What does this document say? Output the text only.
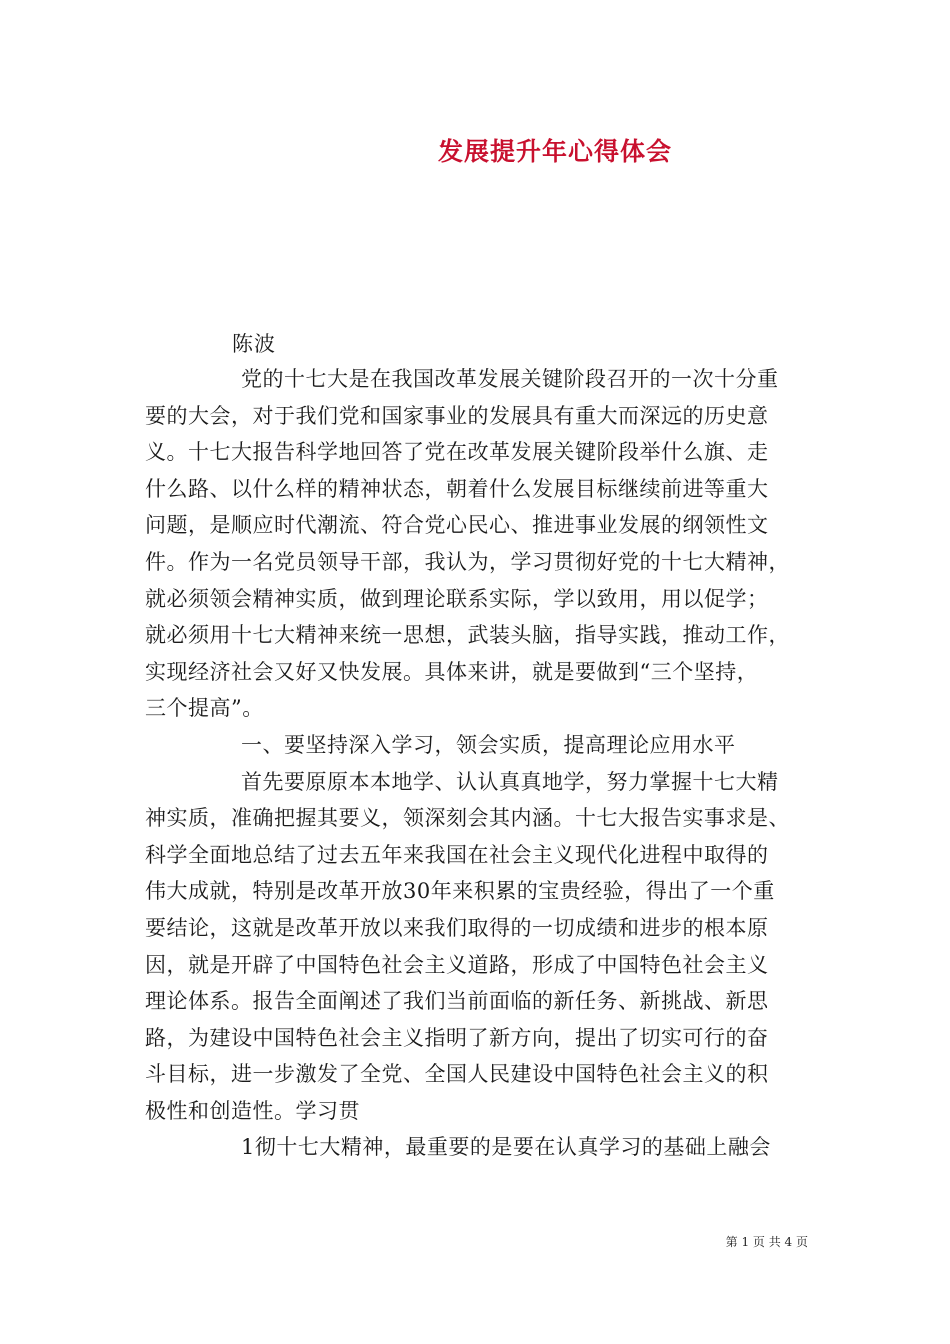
发展提升年心得体会
陈波
党的十七大是在我国改革发展关键阶段召开的一次十分重
要的大会，对于我们党和国家事业的发展具有重大而深远的历史意
义。十七大报告科学地回答了党在改革发展关键阶段举什么旗、走
什么路、以什么样的精神状态，朝着什么发展目标继续前进等重大
问题，是顺应时代潮流、符合党心民心、推进事业发展的纲领性文
件。作为一名党员领导干部，我认为，学习贯彻好党的十七大精神，
就必须领会精神实质，做到理论联系实际，学以致用，用以促学；
就必须用十七大精神来统一思想，武装头脑，指导实践，推动工作，
实现经济社会又好又快发展。具体来讲，就是要做到“三个坚持，
三个提高”。
一、要坚持深入学习，领会实质，提高理论应用水平
首先要原原本本地学、认认真真地学，努力掌握十七大精
神实质，准确把握其要义，领深刻会其内涵。十七大报告实事求是、
科学全面地总结了过去五年来我国在社会主义现代化进程中取得的
伟大成就，特别是改革开放30年来积累的宝贵经验，得出了一个重
要结论，这就是改革开放以来我们取得的一切成绩和进步的根本原
因，就是开辟了中国特色社会主义道路，形成了中国特色社会主义
理论体系。报告全面阐述了我们当前面临的新任务、新挑战、新思
路，为建设中国特色社会主义指明了新方向，提出了切实可行的奋
斗目标，进一步激发了全党、全国人民建设中国特色社会主义的积
极性和创造性。学习贯
1彻十七大精神，最重要的是要在认真学习的基础上融会
第 1 页 共 4 页
